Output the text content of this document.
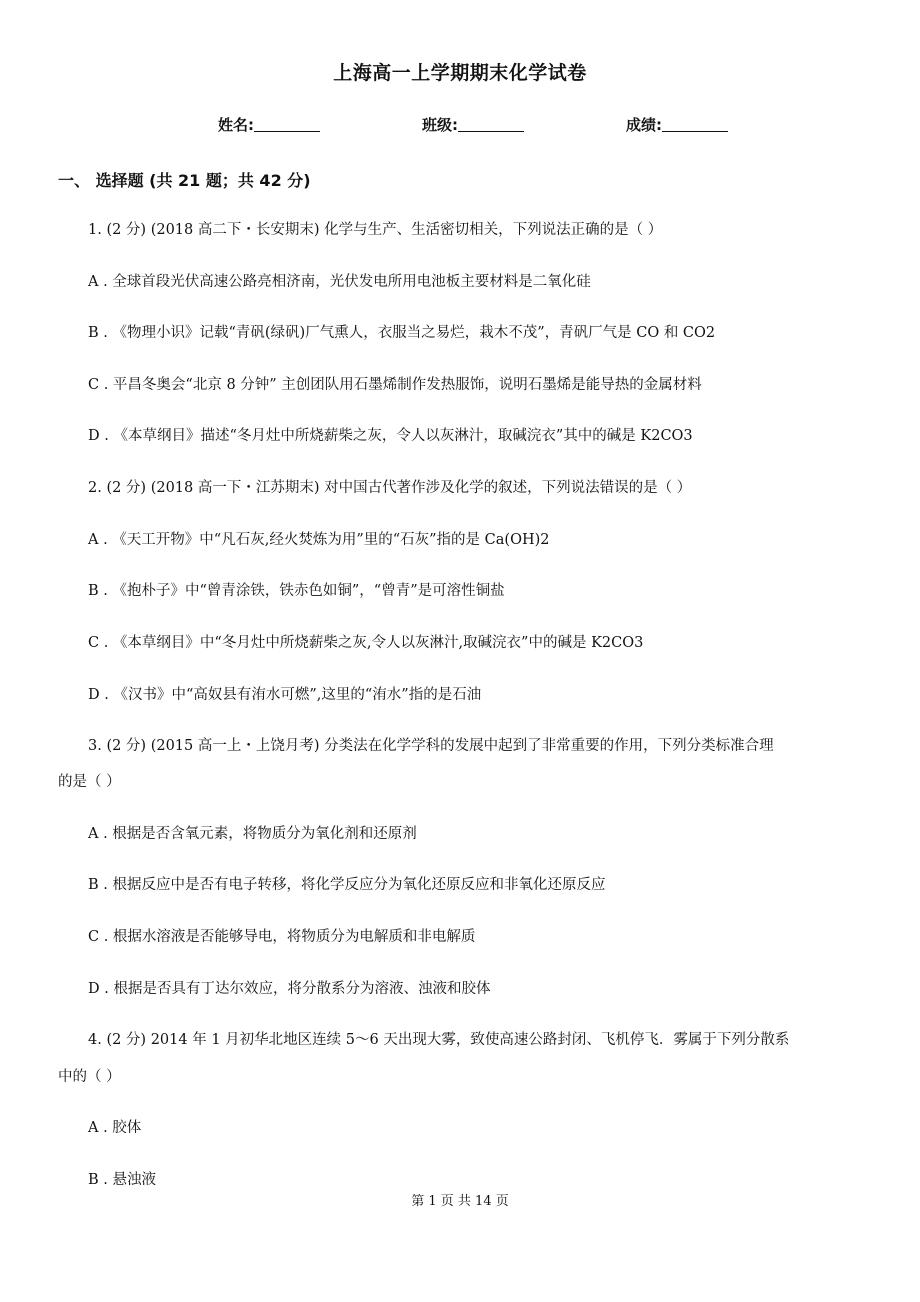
上海高一上学期期末化学试卷
姓名:	班级:	成绩:
一、 选择题 (共 21 题；共 42 分)
1. (2 分) (2018 高二下・长安期末) 化学与生产、生活密切相关，下列说法正确的是（ ）
A . 全球首段光伏高速公路亮相济南，光伏发电所用电池板主要材料是二氧化硅
B . 《物理小识》记载“青矾(绿矾)厂气熏人，衣服当之易烂，栽木不茂”，青矾厂气是 CO 和 CO2
C . 平昌冬奥会“北京 8 分钟” 主创团队用石墨烯制作发热服饰，说明石墨烯是能导热的金属材料
D . 《本草纲目》描述“冬月灶中所烧薪柴之灰，令人以灰淋汁，取碱浣衣”其中的碱是 K2CO3
2. (2 分) (2018 高一下・江苏期末) 对中国古代著作涉及化学的叙述，下列说法错误的是（ ）
A . 《天工开物》中“凡石灰,经火焚炼为用”里的“石灰”指的是 Ca(OH)2
B . 《抱朴子》中“曾青涂铁，铁赤色如铜”，“曾青”是可溶性铜盐
C . 《本草纲目》中“冬月灶中所烧薪柴之灰,令人以灰淋汁,取碱浣衣”中的碱是 K2CO3
D . 《汉书》中“高奴县有洧水可燃”,这里的“洧水”指的是石油
3. (2 分) (2015 高一上・上饶月考) 分类法在化学学科的发展中起到了非常重要的作用，下列分类标准合理
的是（ ）
A . 根据是否含氧元素，将物质分为氧化剂和还原剂
B . 根据反应中是否有电子转移，将化学反应分为氧化还原反应和非氧化还原反应
C . 根据水溶液是否能够导电，将物质分为电解质和非电解质
D . 根据是否具有丁达尔效应，将分散系分为溶液、浊液和胶体
4. (2 分) 2014 年 1 月初华北地区连续 5～6 天出现大雾，致使高速公路封闭、飞机停飞．雾属于下列分散系
中的（ ）
A . 胶体
B . 悬浊液
第 1 页 共 14 页
